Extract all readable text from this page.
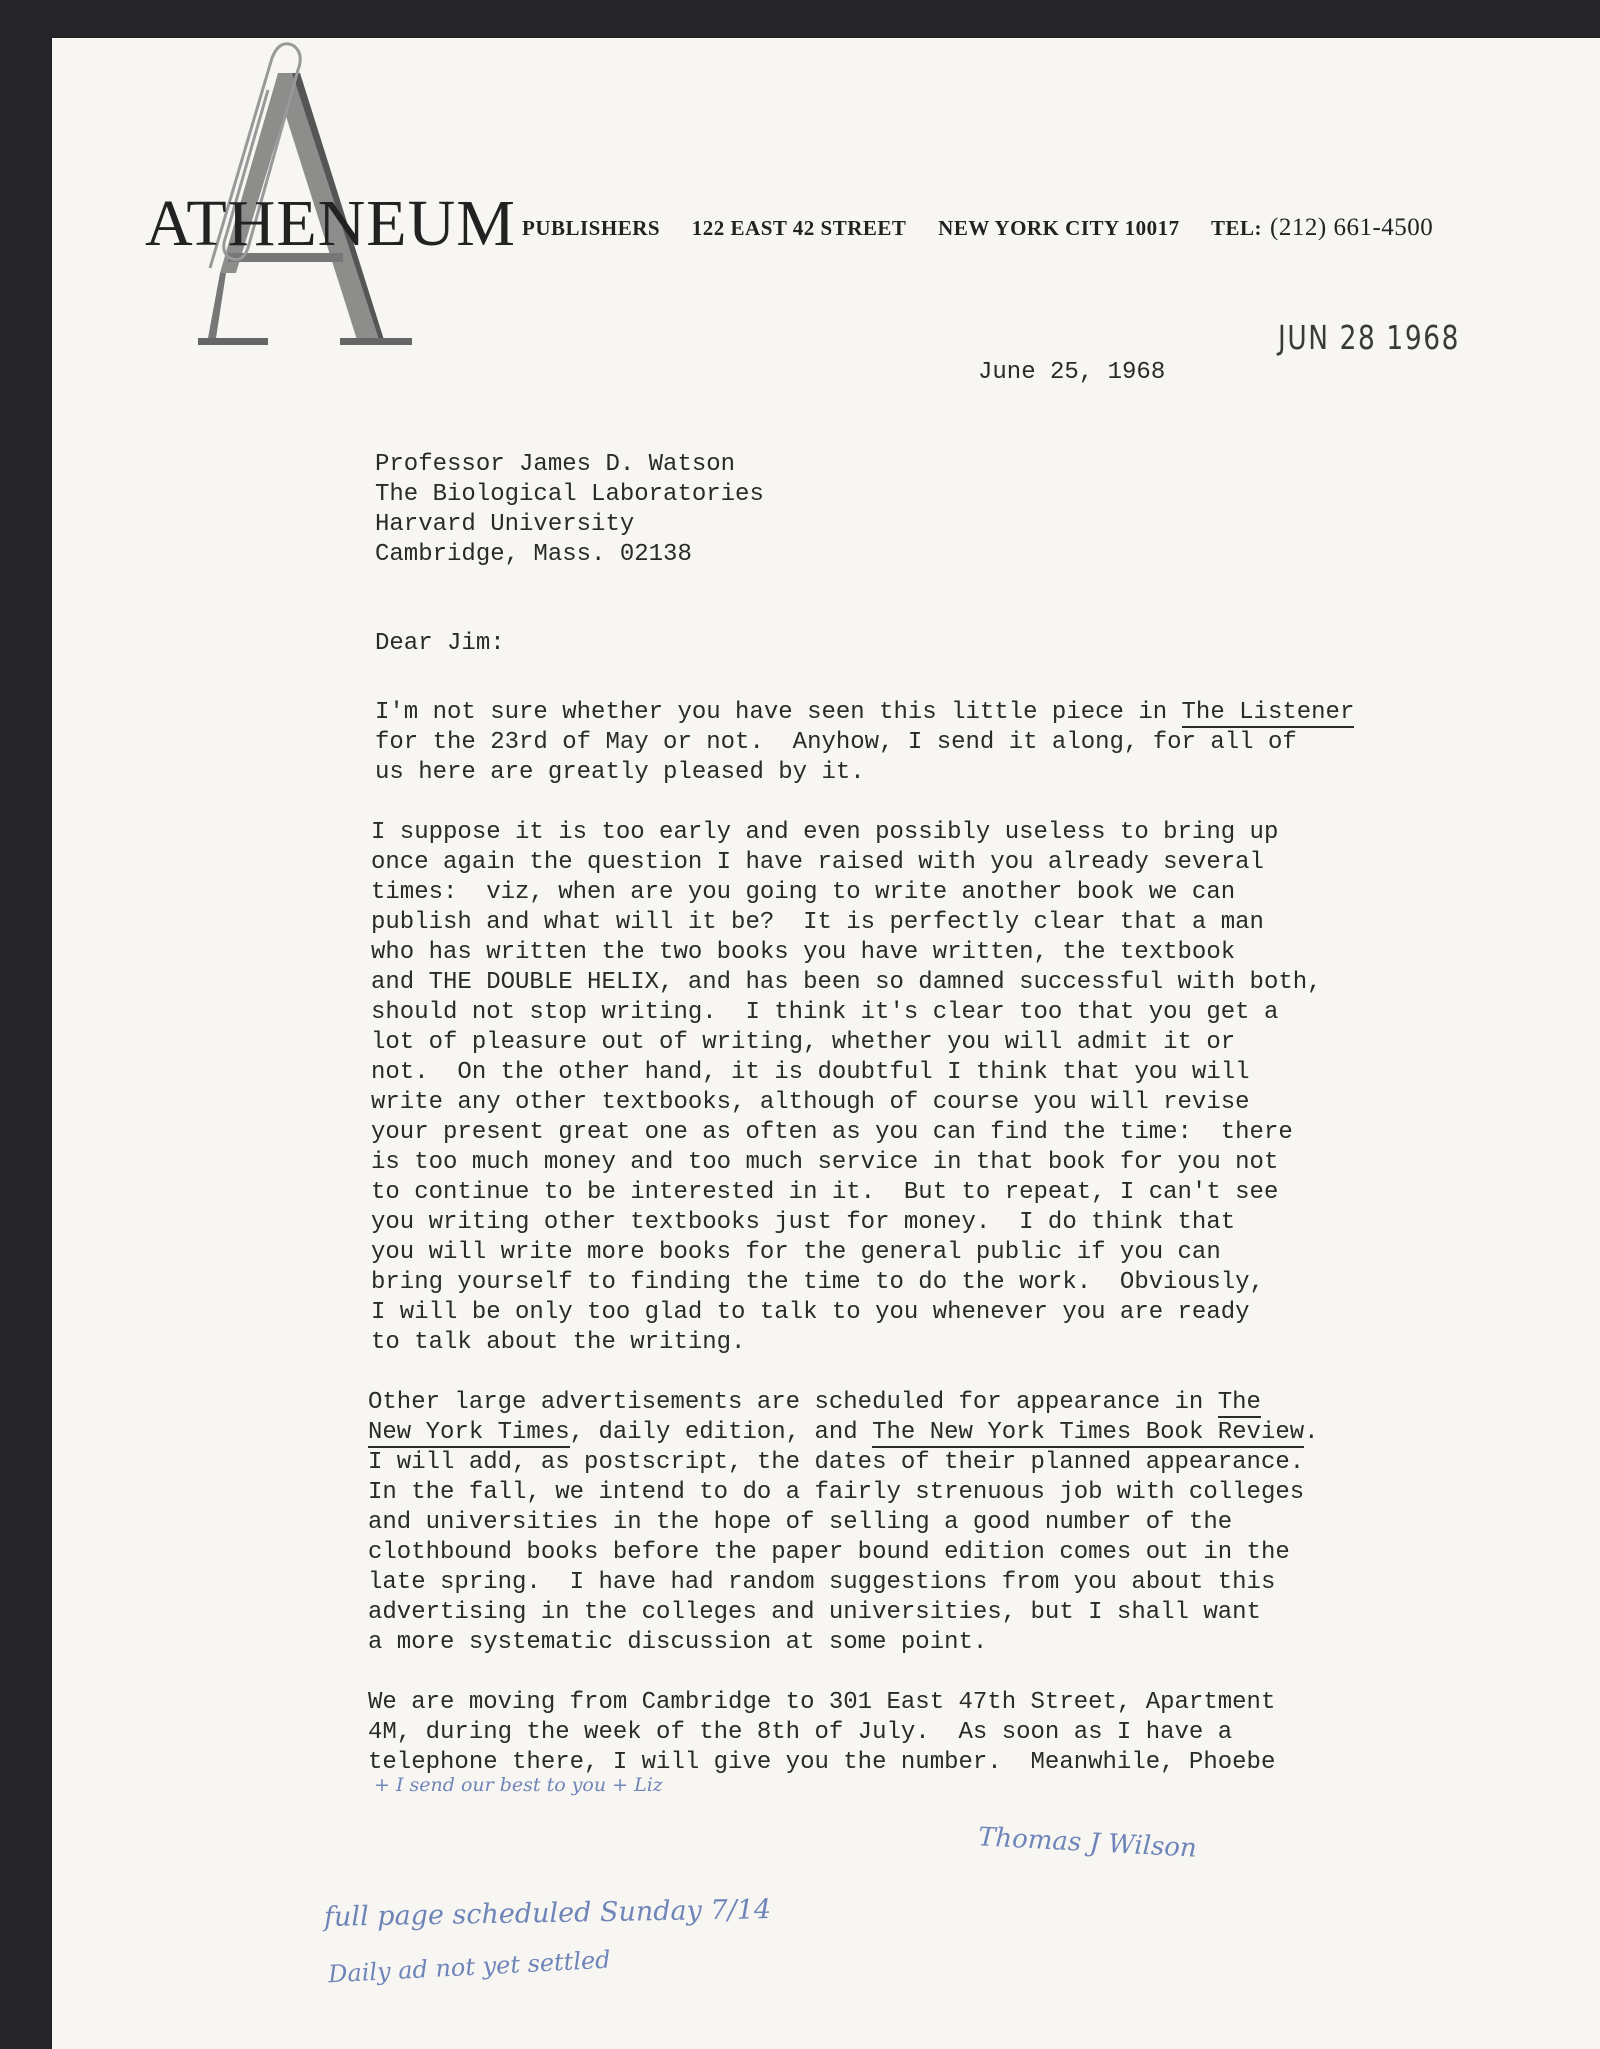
ATHENEUM PUBLISHERS 122 EAST 42 STREET NEW YORK CITY 10017 TEL: (212) 661-4500
JUN 28 1968
June 25, 1968
Professor James D. Watson
The Biological Laboratories
Harvard University
Cambridge, Mass. 02138
Dear Jim:
I'm not sure whether you have seen this little piece in The Listener
for the 23rd of May or not.  Anyhow, I send it along, for all of
us here are greatly pleased by it.
I suppose it is too early and even possibly useless to bring up
once again the question I have raised with you already several
times:  viz, when are you going to write another book we can
publish and what will it be?  It is perfectly clear that a man
who has written the two books you have written, the textbook
and THE DOUBLE HELIX, and has been so damned successful with both,
should not stop writing.  I think it's clear too that you get a
lot of pleasure out of writing, whether you will admit it or
not.  On the other hand, it is doubtful I think that you will
write any other textbooks, although of course you will revise
your present great one as often as you can find the time:  there
is too much money and too much service in that book for you not
to continue to be interested in it.  But to repeat, I can't see
you writing other textbooks just for money.  I do think that
you will write more books for the general public if you can
bring yourself to finding the time to do the work.  Obviously,
I will be only too glad to talk to you whenever you are ready
to talk about the writing.
Other large advertisements are scheduled for appearance in The
New York Times, daily edition, and The New York Times Book Review.
I will add, as postscript, the dates of their planned appearance.
In the fall, we intend to do a fairly strenuous job with colleges
and universities in the hope of selling a good number of the
clothbound books before the paper bound edition comes out in the
late spring.  I have had random suggestions from you about this
advertising in the colleges and universities, but I shall want
a more systematic discussion at some point.
We are moving from Cambridge to 301 East 47th Street, Apartment
4M, during the week of the 8th of July.  As soon as I have a
telephone there, I will give you the number.  Meanwhile, Phoebe
+ I send our best to you + Liz
Thomas J Wilson
full page scheduled Sunday 7/14
Daily ad not yet settled
